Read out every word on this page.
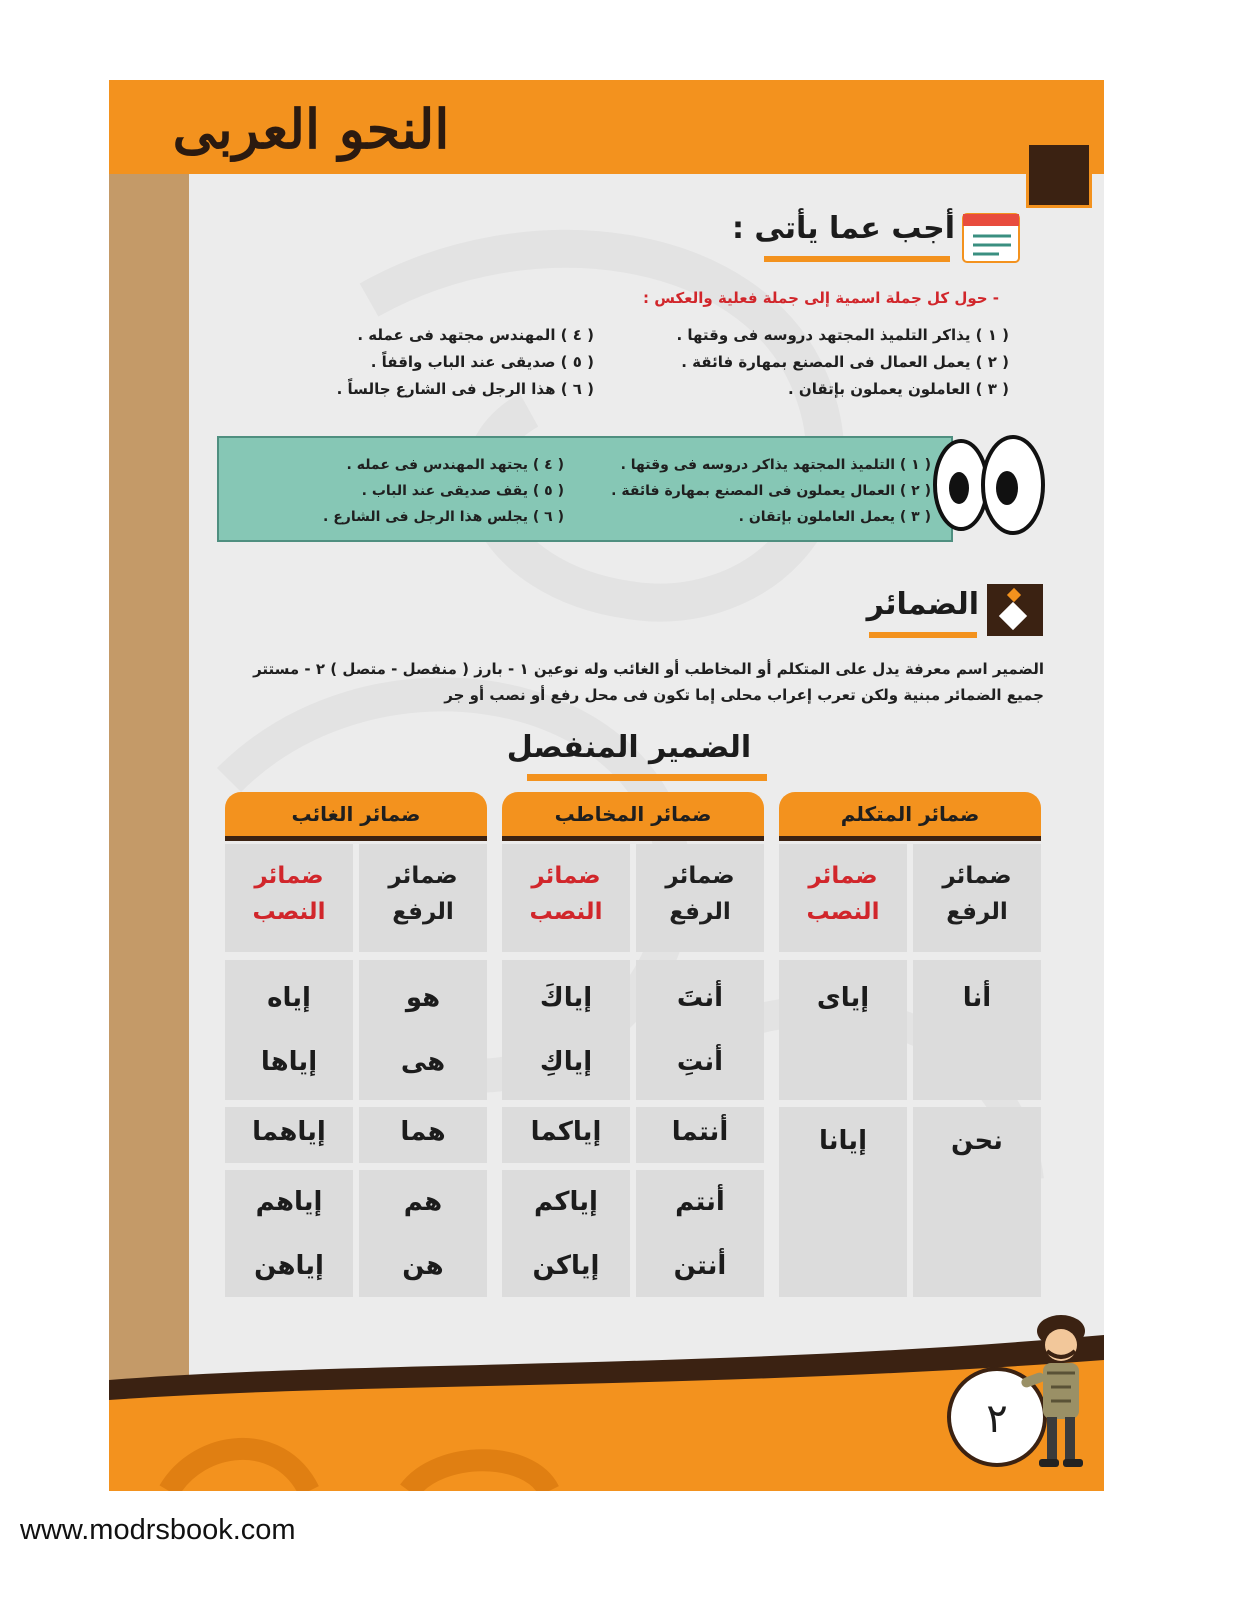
النحو العربى
أجب عما يأتى :
- حول كل جملة اسمية إلى جملة فعلية والعكس :
( ١ ) يذاكر التلميذ المجتهد دروسه فى وقتها .
( ٢ ) يعمل العمال فى المصنع بمهارة فائقة .
( ٣ ) العاملون يعملون بإتقان .
( ٤ ) المهندس مجتهد فى عمله .
( ٥ ) صديقى عند الباب واقفاً .
( ٦ ) هذا الرجل فى الشارع جالساً .
( ١ ) التلميذ المجتهد يذاكر دروسه فى وقتها .
( ٢ ) العمال يعملون فى المصنع بمهارة فائقة .
( ٣ ) يعمل العاملون بإتقان .
( ٤ ) يجتهد المهندس فى عمله .
( ٥ ) يقف صديقى عند الباب .
( ٦ ) يجلس هذا الرجل فى الشارع .
الضمائر
الضمير اسم معرفة يدل على المتكلم أو المخاطب أو الغائب وله نوعين ١ - بارز ( منفصل - متصل ) ٢ - مستتر
جميع الضمائر مبنية ولكن تعرب إعراب محلى إما تكون فى محل رفع أو نصب أو جر
الضمير المنفصل
ضمائر المتكلم
ضمائر المخاطب
ضمائر الغائب
ضمائر الرفع
ضمائر النصب
ضمائر الرفع
ضمائر النصب
ضمائر الرفع
ضمائر النصب
أنا
إياى
نحن
إيانا
أنتَ
أنتِ
إياكَ
إياكِ
أنتما
إياكما
أنتم
أنتن
إياكم
إياكن
هو
هى
إياه
إياها
هما
إياهما
هم
هن
إياهم
إياهن
٢
www.modrsbook.com
